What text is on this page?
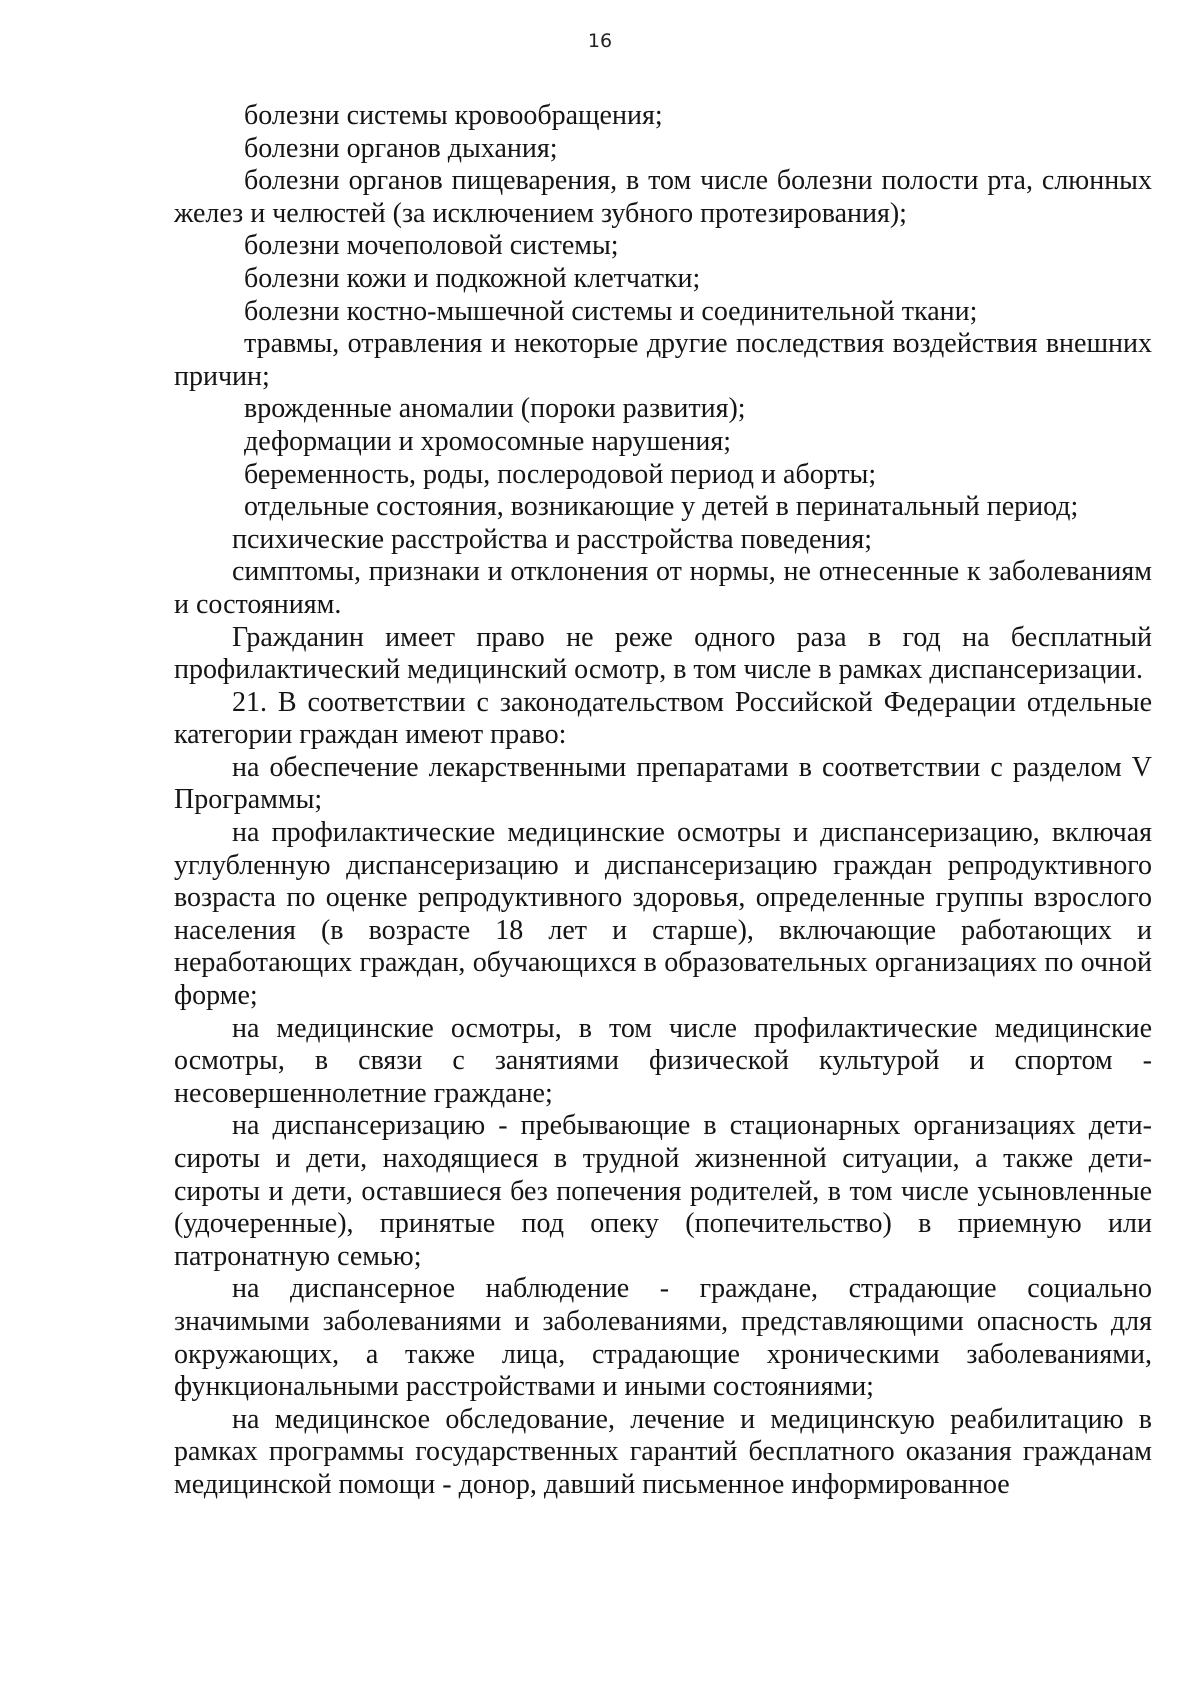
16

болезни системы кровообращения;

болезни органов дыхания;

болезни органов пищеварения, в том числе болезни полости рта, слюнных желез и челюстей (за исключением зубного протезирования);

болезни мочеполовой системы;

болезни кожи и подкожной клетчатки;

болезни костно-мышечной системы и соединительной ткани;

травмы, отравления и некоторые другие последствия воздействия внешних причин;

врожденные аномалии (пороки развития);

деформации и хромосомные нарушения;

беременность, роды, послеродовой период и аборты;

отдельные состояния, возникающие у детей в перинатальный период;

психические расстройства и расстройства поведения;

симптомы, признаки и отклонения от нормы, не отнесенные к заболеваниям и состояниям.

Гражданин имеет право не реже одного раза в год на бесплатный профилактический медицинский осмотр, в том числе в рамках диспансеризации.

21. В соответствии с законодательством Российской Федерации отдельные категории граждан имеют право:

на обеспечение лекарственными препаратами в соответствии с разделом V Программы;

на профилактические медицинские осмотры и диспансеризацию, включая углубленную диспансеризацию и диспансеризацию граждан репродуктивного возраста по оценке репродуктивного здоровья, определенные группы взрослого населения (в возрасте 18 лет и старше), включающие работающих и неработающих граждан, обучающихся в образовательных организациях по очной форме;

на медицинские осмотры, в том числе профилактические медицинские осмотры, в связи с занятиями физической культурой и спортом - несовершеннолетние граждане;

на диспансеризацию - пребывающие в стационарных организациях дети-сироты и дети, находящиеся в трудной жизненной ситуации, а также дети-сироты и дети, оставшиеся без попечения родителей, в том числе усыновленные (удочеренные), принятые под опеку (попечительство) в приемную или патронатную семью;

на диспансерное наблюдение - граждане, страдающие социально значимыми заболеваниями и заболеваниями, представляющими опасность для окружающих, а также лица, страдающие хроническими заболеваниями, функциональными расстройствами и иными состояниями;

на медицинское обследование, лечение и медицинскую реабилитацию в рамках программы государственных гарантий бесплатного оказания гражданам медицинской помощи - донор, давший письменное информированное
